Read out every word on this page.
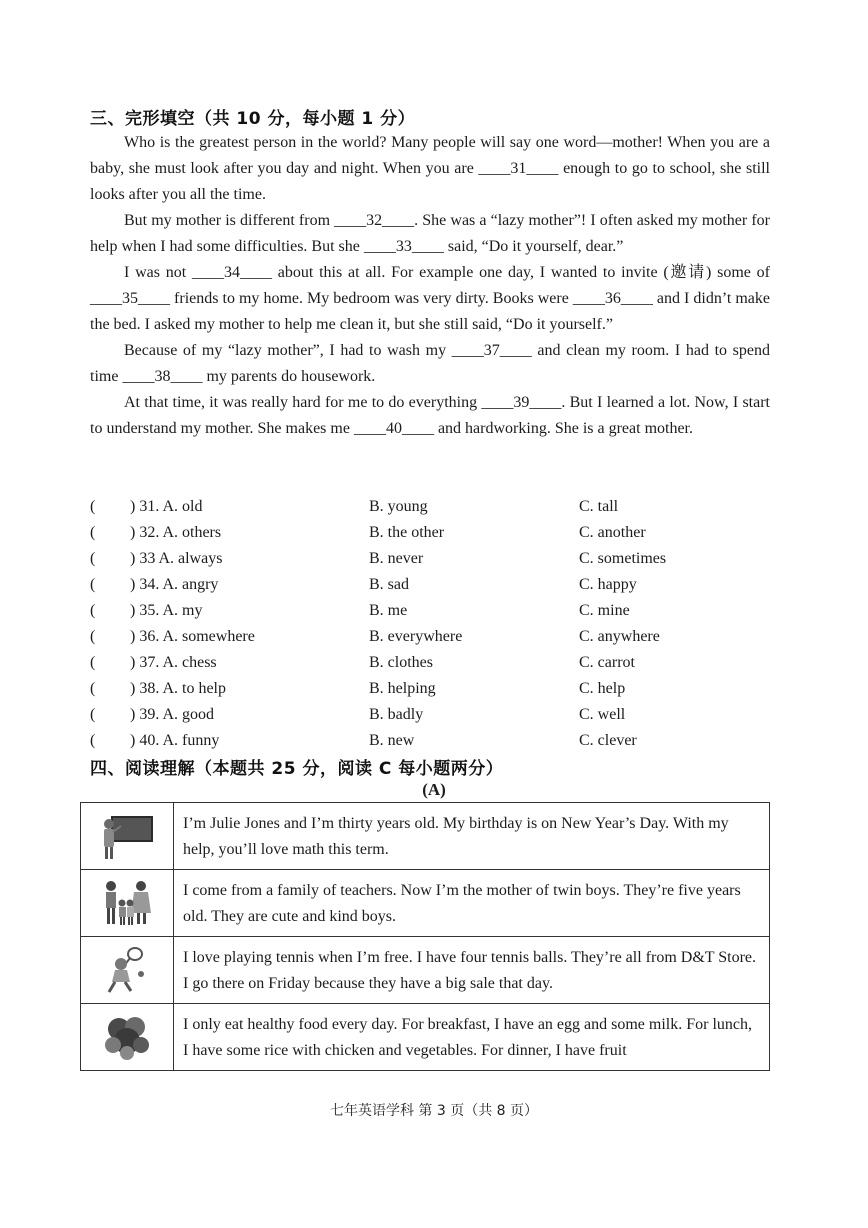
三、完形填空（共 10 分，每小题 1 分）

Who is the greatest person in the world? Many people will say one word—mother! When you are a baby, she must look after you day and night. When you are ____31____ enough to go to school, she still looks after you all the time.

But my mother is different from ____32____. She was a “lazy mother”! I often asked my mother for help when I had some difficulties. But she ____33____ said, “Do it yourself, dear.”

I was not ____34____ about this at all. For example one day, I wanted to invite (邀请) some of ____35____ friends to my home. My bedroom was very dirty. Books were ____36____ and I didn’t make the bed. I asked my mother to help me clean it, but she still said, “Do it yourself.”

Because of my “lazy mother”, I had to wash my ____37____ and clean my room. I had to spend time ____38____ my parents do housework.

At that time, it was really hard for me to do everything ____39____. But I learned a lot. Now, I start to understand my mother. She makes me ____40____ and hardworking. She is a great mother.

( ) 31. A. old	B. young	C. tall
( ) 32. A. others	B. the other	C. another
( ) 33 A. always	B. never	C. sometimes
( ) 34. A. angry	B. sad	C. happy
( ) 35. A. my	B. me	C. mine
( ) 36. A. somewhere	B. everywhere	C. anywhere
( ) 37. A. chess	B. clothes	C. carrot
( ) 38. A. to help	B. helping	C. help
( ) 39. A. good	B. badly	C. well
( ) 40. A. funny	B. new	C. clever
四、阅读理解（本题共 25 分，阅读 C 每小题两分）
(A)
	I’m Julie Jones and I’m thirty years old. My birthday is on New Year’s Day. With my help, you’ll love math this term.
	I come from a family of teachers. Now I’m the mother of twin boys. They’re five years old. They are cute and kind boys.
	I love playing tennis when I’m free. I have four tennis balls. They’re all from D&T Store. I go there on Friday because they have a big sale that day.
	I only eat healthy food every day. For breakfast, I have an egg and some milk. For lunch, I have some rice with chicken and vegetables. For dinner, I have fruit
七年英语学科 第 3 页（共 8 页）
